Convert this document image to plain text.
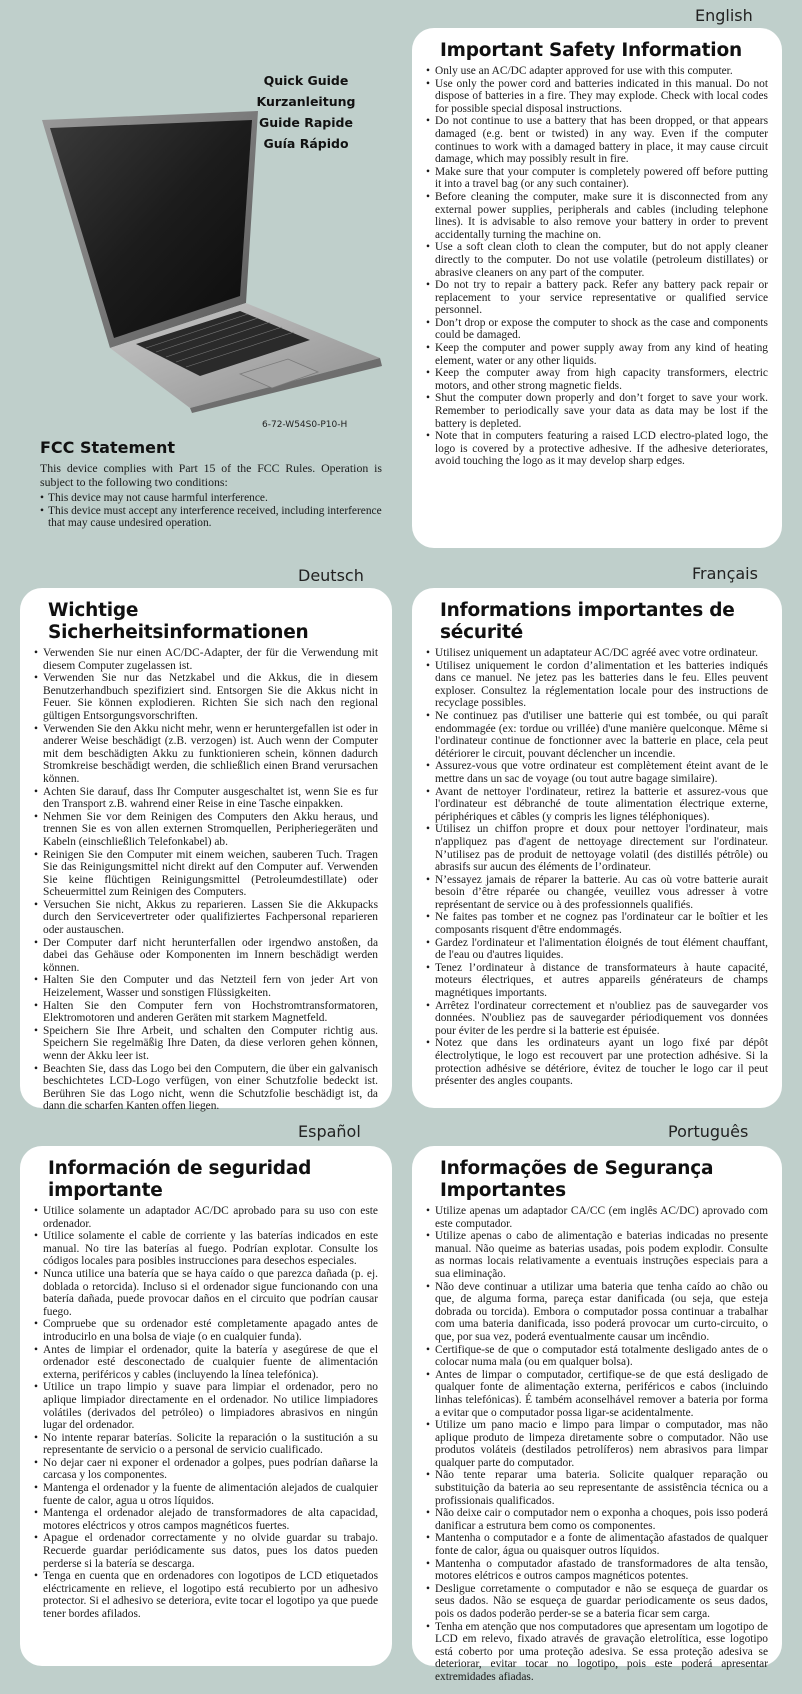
English
Deutsch	Français
Español	Português
Quick Guide
Kurzanleitung
Guide Rapide
Guía Rápido
6-72-W54S0-P10-H
FCC Statement

This device complies with Part 15 of the FCC Rules. Operation is subject to the following two conditions:

• This device may not cause harmful interference.
• This device must accept any interference received, including interference that may cause undesired operation.
Important Safety Information
• Only use an AC/DC adapter approved for use with this computer.
• Use only the power cord and batteries indicated in this manual. Do not dispose of batteries in a fire. They may explode. Check with local codes for possible special disposal instructions.
• Do not continue to use a battery that has been dropped, or that appears damaged (e.g. bent or twisted) in any way. Even if the computer continues to work with a damaged battery in place, it may cause circuit damage, which may possibly result in fire.
• Make sure that your computer is completely powered off before putting it into a travel bag (or any such container).
• Before cleaning the computer, make sure it is disconnected from any external power supplies, peripherals and cables (including telephone lines). It is advisable to also remove your battery in order to prevent accidentally turning the machine on.
• Use a soft clean cloth to clean the computer, but do not apply cleaner directly to the computer. Do not use volatile (petroleum distillates) or abrasive cleaners on any part of the computer.
• Do not try to repair a battery pack. Refer any battery pack repair or replacement to your service representative or qualified service personnel.
• Don’t drop or expose the computer to shock as the case and components could be damaged.
• Keep the computer and power supply away from any kind of heating element, water or any other liquids.
• Keep the computer away from high capacity transformers, electric motors, and other strong magnetic fields.
• Shut the computer down properly and don’t forget to save your work. Remember to periodically save your data as data may be lost if the battery is depleted.
• Note that in computers featuring a raised LCD electro-plated logo, the logo is covered by a protective adhesive. If the adhesive deteriorates, avoid touching the logo as it may develop sharp edges.
Wichtige Sicherheitsinformationen
• Verwenden Sie nur einen AC/DC-Adapter, der für die Verwendung mit diesem Computer zugelassen ist.
• Verwenden Sie nur das Netzkabel und die Akkus, die in diesem Benutzerhandbuch spezifiziert sind. Entsorgen Sie die Akkus nicht in Feuer. Sie können explodieren. Richten Sie sich nach den regional gültigen Entsorgungsvorschriften.
• Verwenden Sie den Akku nicht mehr, wenn er heruntergefallen ist oder in anderer Weise beschädigt (z.B. verzogen) ist. Auch wenn der Computer mit dem beschädigten Akku zu funktionieren schein, können dadurch Stromkreise beschädigt werden, die schließlich einen Brand verursachen können.
• Achten Sie darauf, dass Ihr Computer ausgeschaltet ist, wenn Sie es fur den Transport z.B. wahrend einer Reise in eine Tasche einpakken.
• Nehmen Sie vor dem Reinigen des Computers den Akku heraus, und trennen Sie es von allen externen Stromquellen, Peripheriegeräten und Kabeln (einschließlich Telefonkabel) ab.
• Reinigen Sie den Computer mit einem weichen, sauberen Tuch. Tragen Sie das Reinigungsmittel nicht direkt auf den Computer auf. Verwenden Sie keine flüchtigen Reinigungsmittel (Petroleumdestillate) oder Scheuermittel zum Reinigen des Computers.
• Versuchen Sie nicht, Akkus zu reparieren. Lassen Sie die Akkupacks durch den Servicevertreter oder qualifiziertes Fachpersonal reparieren oder austauschen.
• Der Computer darf nicht herunterfallen oder irgendwo anstoßen, da dabei das Gehäuse oder Komponenten im Innern beschädigt werden können.
• Halten Sie den Computer und das Netzteil fern von jeder Art von Heizelement, Wasser und sonstigen Flüssigkeiten.
• Halten Sie den Computer fern von Hochstromtransformatoren, Elektromotoren und anderen Geräten mit starkem Magnetfeld.
• Speichern Sie Ihre Arbeit, und schalten den Computer richtig aus. Speichern Sie regelmäßig Ihre Daten, da diese verloren gehen können, wenn der Akku leer ist.
• Beachten Sie, dass das Logo bei den Computern, die über ein galvanisch beschichtetes LCD-Logo verfügen, von einer Schutzfolie bedeckt ist. Berühren Sie das Logo nicht, wenn die Schutzfolie beschädigt ist, da dann die scharfen Kanten offen liegen.
Informations importantes de sécurité
• Utilisez uniquement un adaptateur AC/DC agréé avec votre ordinateur.
• Utilisez uniquement le cordon d’alimentation et les batteries indiqués dans ce manuel. Ne jetez pas les batteries dans le feu. Elles peuvent exploser. Consultez la réglementation locale pour des instructions de recyclage possibles.
• Ne continuez pas d'utiliser une batterie qui est tombée, ou qui paraît endommagée (ex: tordue ou vrillée) d'une manière quelconque. Même si l'ordinateur continue de fonctionner avec la batterie en place, cela peut détériorer le circuit, pouvant déclencher un incendie.
• Assurez-vous que votre ordinateur est complètement éteint avant de le mettre dans un sac de voyage (ou tout autre bagage similaire).
• Avant de nettoyer l'ordinateur, retirez la batterie et assurez-vous que l'ordinateur est débranché de toute alimentation électrique externe, périphériques et câbles (y compris les lignes téléphoniques).
• Utilisez un chiffon propre et doux pour nettoyer l'ordinateur, mais n'appliquez pas d'agent de nettoyage directement sur l'ordinateur. N’utilisez pas de produit de nettoyage volatil (des distillés pétrôle) ou abrasifs sur aucun des éléments de l’ordinateur.
• N’essayez jamais de réparer la batterie. Au cas où votre batterie aurait besoin d’être réparée ou changée, veuillez vous adresser à votre représentant de service ou à des professionnels qualifiés.
• Ne faites pas tomber et ne cognez pas l'ordinateur car le boîtier et les composants risquent d'être endommagés.
• Gardez l'ordinateur et l'alimentation éloignés de tout élément chauffant, de l'eau ou d'autres liquides.
• Tenez l’ordinateur à distance de transformateurs à haute capacité, moteurs électriques, et autres appareils générateurs de champs magnétiques importants.
• Arrêtez l'ordinateur correctement et n'oubliez pas de sauvegarder vos données. N'oubliez pas de sauvegarder périodiquement vos données pour éviter de les perdre si la batterie est épuisée.
• Notez que dans les ordinateurs ayant un logo fixé par dépôt électrolytique, le logo est recouvert par une protection adhésive. Si la protection adhésive se détériore, évitez de toucher le logo car il peut présenter des angles coupants.
Información de seguridad importante
• Utilice solamente un adaptador AC/DC aprobado para su uso con este ordenador.
• Utilice solamente el cable de corriente y las baterías indicados en este manual. No tire las baterías al fuego. Podrían explotar. Consulte los códigos locales para posibles instrucciones para desechos especiales.
• Nunca utilice una batería que se haya caído o que parezca dañada (p. ej. doblada o retorcida). Incluso si el ordenador sigue funcionando con una batería dañada, puede provocar daños en el circuito que podrían causar fuego.
• Compruebe que su ordenador esté completamente apagado antes de introducirlo en una bolsa de viaje (o en cualquier funda).
• Antes de limpiar el ordenador, quite la batería y asegúrese de que el ordenador esté desconectado de cualquier fuente de alimentación externa, periféricos y cables (incluyendo la línea telefónica).
• Utilice un trapo limpio y suave para limpiar el ordenador, pero no aplique limpiador directamente en el ordenador. No utilice limpiadores volátiles (derivados del petróleo) o limpiadores abrasivos en ningún lugar del ordenador.
• No intente reparar baterías. Solicite la reparación o la sustitución a su representante de servicio o a personal de servicio cualificado.
• No dejar caer ni exponer el ordenador a golpes, pues podrían dañarse la carcasa y los componentes.
• Mantenga el ordenador y la fuente de alimentación alejados de cualquier fuente de calor, agua u otros líquidos.
• Mantenga el ordenador alejado de transformadores de alta capacidad, motores eléctricos y otros campos magnéticos fuertes.
• Apague el ordenador correctamente y no olvide guardar su trabajo. Recuerde guardar periódicamente sus datos, pues los datos pueden perderse si la batería se descarga.
• Tenga en cuenta que en ordenadores con logotipos de LCD etiquetados eléctricamente en relieve, el logotipo está recubierto por un adhesivo protector. Si el adhesivo se deteriora, evite tocar el logotipo ya que puede tener bordes afilados.
Informações de Segurança Importantes
• Utilize apenas um adaptador CA/CC (em inglês AC/DC) aprovado com este computador.
• Utilize apenas o cabo de alimentação e baterias indicadas no presente manual. Não queime as baterias usadas, pois podem explodir. Consulte as normas locais relativamente a eventuais instruções especiais para a sua eliminação.
• Não deve continuar a utilizar uma bateria que tenha caído ao chão ou que, de alguma forma, pareça estar danificada (ou seja, que esteja dobrada ou torcida). Embora o computador possa continuar a trabalhar com uma bateria danificada, isso poderá provocar um curto-circuito, o que, por sua vez, poderá eventualmente causar um incêndio.
• Certifique-se de que o computador está totalmente desligado antes de o colocar numa mala (ou em qualquer bolsa).
• Antes de limpar o computador, certifique-se de que está desligado de qualquer fonte de alimentação externa, periféricos e cabos (incluindo linhas telefónicas). É também aconselhável remover a bateria por forma a evitar que o computador possa ligar-se acidentalmente.
• Utilize um pano macio e limpo para limpar o computador, mas não aplique produto de limpeza diretamente sobre o computador. Não use produtos voláteis (destilados petrolíferos) nem abrasivos para limpar qualquer parte do computador.
• Não tente reparar uma bateria. Solicite qualquer reparação ou substituição da bateria ao seu representante de assistência técnica ou a profissionais qualificados.
• Não deixe cair o computador nem o exponha a choques, pois isso poderá danificar a estrutura bem como os componentes.
• Mantenha o computador e a fonte de alimentação afastados de qualquer fonte de calor, água ou quaisquer outros líquidos.
• Mantenha o computador afastado de transformadores de alta tensão, motores elétricos e outros campos magnéticos potentes.
• Desligue corretamente o computador e não se esqueça de guardar os seus dados. Não se esqueça de guardar periodicamente os seus dados, pois os dados poderão perder-se se a bateria ficar sem carga.
• Tenha em atenção que nos computadores que apresentam um logotipo de LCD em relevo, fixado através de gravação eletrolítica, esse logotipo está coberto por uma proteção adesiva. Se essa proteção adesiva se deteriorar, evitar tocar no logotipo, pois este poderá apresentar extremidades afiadas.
